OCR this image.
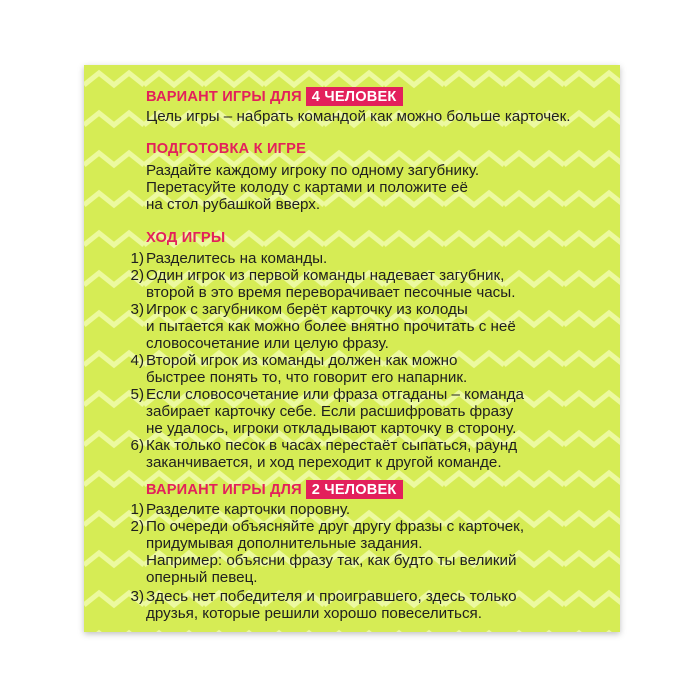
ВАРИАНТ ИГРЫ ДЛЯ 4 ЧЕЛОВЕК
Цель игры – набрать командой как можно больше карточек.
ПОДГОТОВКА К ИГРЕ
Раздайте каждому игроку по одному загубнику.
Перетасуйте колоду с картами и положите её
на стол рубашкой вверх.
ХОД ИГРЫ
1 ) Разделитесь на команды.
2 ) Один игрок из первой команды надевает загубник,
второй в это время переворачивает песочные часы.
3 ) Игрок с загубником берёт карточку из колоды
и пытается как можно более внятно прочитать с неё
словосочетание или целую фразу.
4 ) Второй игрок из команды должен как можно
быстрее понять то, что говорит его напарник.
5 ) Если словосочетание или фраза отгаданы – команда
забирает карточку себе. Если расшифровать фразу
не удалось, игроки откладывают карточку в сторону.
6 ) Как только песок в часах перестаёт сыпаться, раунд
заканчивается, и ход переходит к другой команде.
ВАРИАНТ ИГРЫ ДЛЯ 2 ЧЕЛОВЕК
1 ) Разделите карточки поровну.
2 ) По очереди объясняйте друг другу фразы с карточек,
придумывая дополнительные задания.
Например: объясни фразу так, как будто ты великий
оперный певец.
3 ) Здесь нет победителя и проигравшего, здесь только
друзья, которые решили хорошо повеселиться.
